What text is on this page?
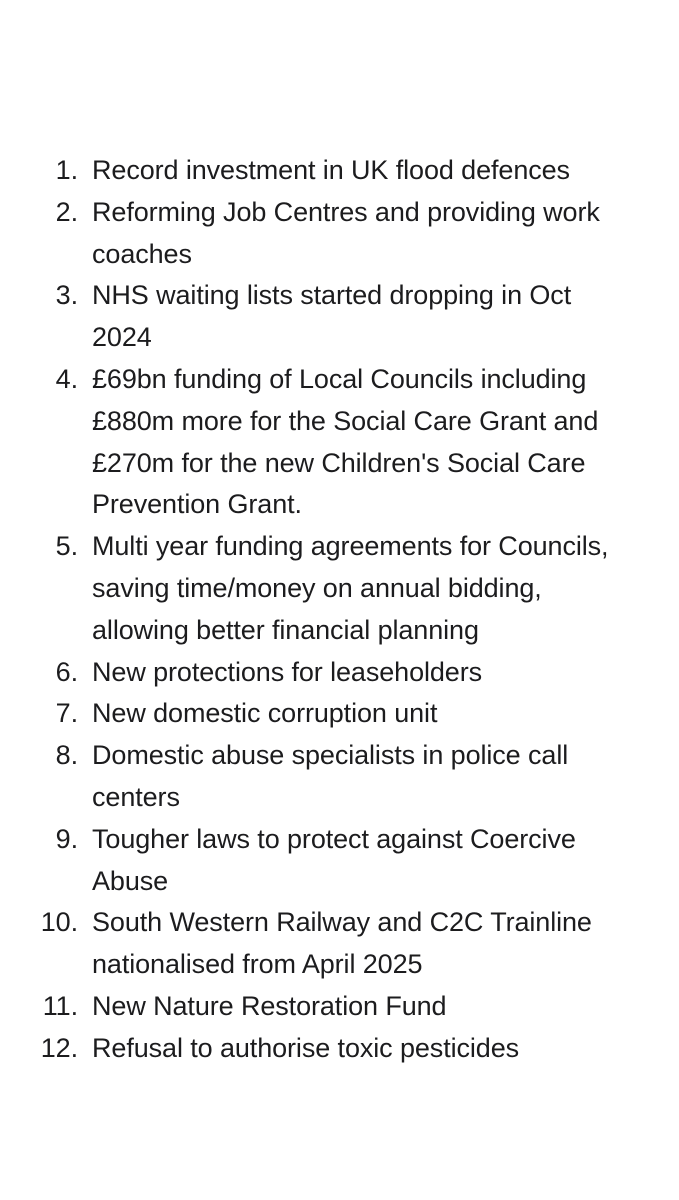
1. Record investment in UK flood defences
2. Reforming Job Centres and providing work coaches
3. NHS waiting lists started dropping in Oct 2024
4. £69bn funding of Local Councils including £880m more for the Social Care Grant and £270m for the new Children's Social Care Prevention Grant.
5. Multi year funding agreements for Councils, saving time/money on annual bidding, allowing better financial planning
6. New protections for leaseholders
7. New domestic corruption unit
8. Domestic abuse specialists in police call centers
9. Tougher laws to protect against Coercive Abuse
10. South Western Railway and C2C Trainline nationalised from April 2025
11. New Nature Restoration Fund
12. Refusal to authorise toxic pesticides
